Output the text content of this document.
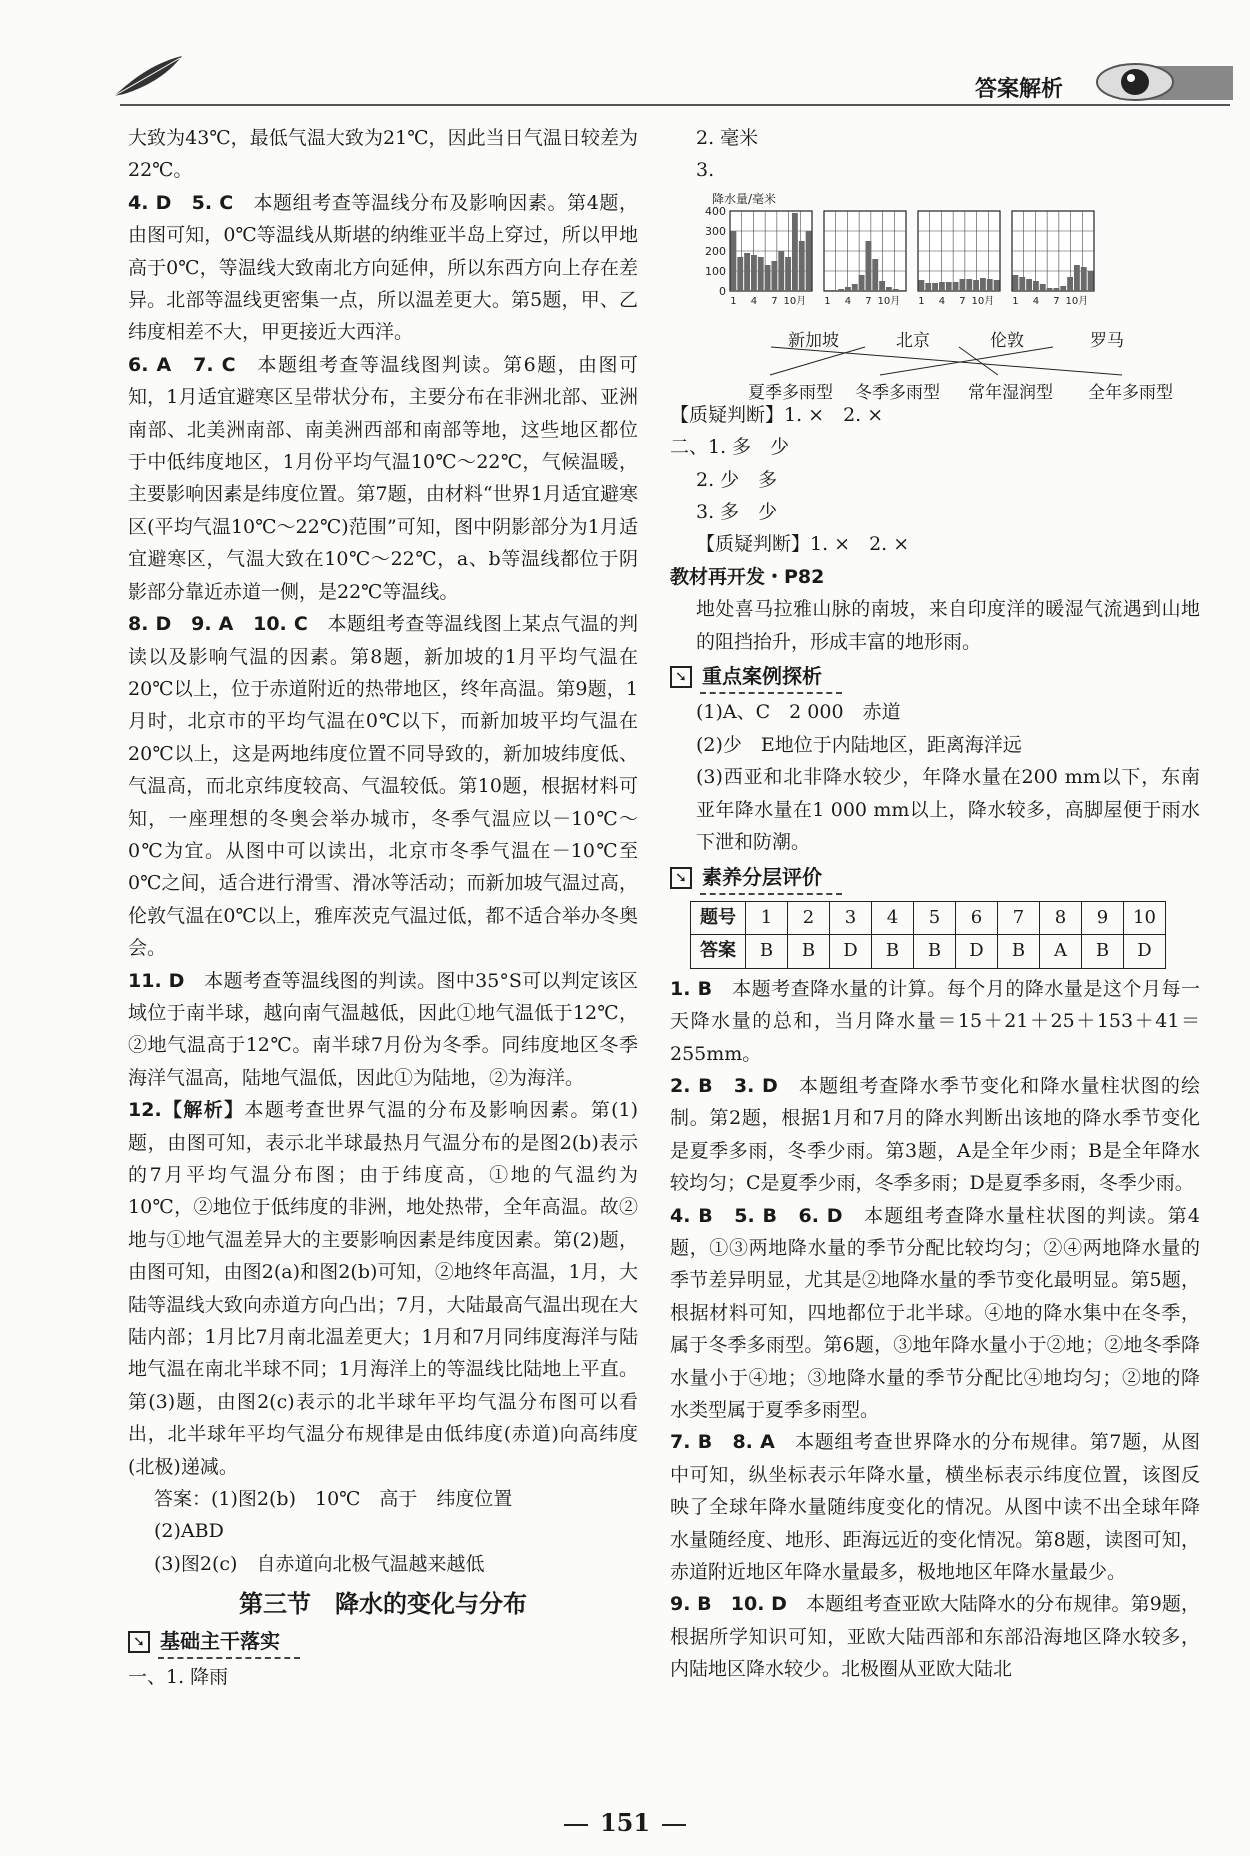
答案解析

大致为43℃，最低气温大致为21℃，因此当日气温日较差为22℃。

4. D　5. C　 本题组考查等温线分布及影响因素。第4题，由图可知，0℃等温线从斯堪的纳维亚半岛上穿过，所以甲地高于0℃，等温线大致南北方向延伸，所以东西方向上存在差异。北部等温线更密集一点，所以温差更大。第5题，甲、乙纬度相差不大，甲更接近大西洋。

6. A　7. C　 本题组考查等温线图判读。第6题，由图可知，1月适宜避寒区呈带状分布，主要分布在非洲北部、亚洲南部、北美洲南部、南美洲西部和南部等地，这些地区都位于中低纬度地区，1月份平均气温10℃～22℃，气候温暖，主要影响因素是纬度位置。第7题，由材料“世界1月适宜避寒区(平均气温10℃～22℃)范围”可知，图中阴影部分为1月适宜避寒区，气温大致在10℃～22℃，a、b等温线都位于阴影部分靠近赤道一侧，是22℃等温线。

8. D　9. A　10. C　 本题组考查等温线图上某点气温的判读以及影响气温的因素。第8题，新加坡的1月平均气温在20℃以上，位于赤道附近的热带地区，终年高温。第9题，1月时，北京市的平均气温在0℃以下，而新加坡平均气温在20℃以上，这是两地纬度位置不同导致的，新加坡纬度低、气温高，而北京纬度较高、气温较低。第10题，根据材料可知，一座理想的冬奥会举办城市，冬季气温应以－10℃～0℃为宜。从图中可以读出，北京市冬季气温在－10℃至0℃之间，适合进行滑雪、滑冰等活动；而新加坡气温过高，伦敦气温在0℃以上，雅库茨克气温过低，都不适合举办冬奥会。

11. D　 本题考查等温线图的判读。图中35°S可以判定该区域位于南半球，越向南气温越低，因此①地气温低于12℃，②地气温高于12℃。南半球7月份为冬季。同纬度地区冬季海洋气温高，陆地气温低，因此①为陆地，②为海洋。

12.【解析】本题考查世界气温的分布及影响因素。第(1)题，由图可知，表示北半球最热月气温分布的是图2(b)表示的7月平均气温分布图；由于纬度高，①地的气温约为10℃，②地位于低纬度的非洲，地处热带，全年高温。故②地与①地气温差异大的主要影响因素是纬度因素。第(2)题，由图可知，由图2(a)和图2(b)可知，②地终年高温，1月，大陆等温线大致向赤道方向凸出；7月，大陆最高气温出现在大陆内部；1月比7月南北温差更大；1月和7月同纬度海洋与陆地气温在南北半球不同；1月海洋上的等温线比陆地上平直。第(3)题，由图2(c)表示的北半球年平均气温分布图可以看出，北半球年平均气温分布规律是由低纬度(赤道)向高纬度(北极)递减。

答案：(1)图2(b)　10℃　高于　纬度位置

(2)ABD

(3)图2(c)　自赤道向北极气温越来越低

第三节　降水的变化与分布
➘ 基础主干落实

一、1. 降雨

2. 毫米

3.

降水量/毫米
0
100
200
300
400
1 4 7 10月 1 4 7 10月 1 4 7 10月 1 4 7 10月
新加坡	北京	伦敦	罗马
夏季多雨型 冬季多雨型 常年湿润型 全年多雨型

【质疑判断】1. ×　2. ×

二、1. 多　少

2. 少　多

3. 多　少

【质疑判断】1. ×　2. ×

教材再开发・P82

地处喜马拉雅山脉的南坡，来自印度洋的暖湿气流遇到山地的阻挡抬升，形成丰富的地形雨。

➘ 重点案例探析

(1)A、C　2 000　赤道

(2)少　E地位于内陆地区，距离海洋远

(3)西亚和北非降水较少，年降水量在200 mm以下，东南亚年降水量在1 000 mm以上，降水较多，高脚屋便于雨水下泄和防潮。

➘ 素养分层评价
题号	1	2	3	4	5	6	7	8	9	10
答案	B	B	D	B	B	D	B	A	B	D

1. B　 本题考查降水量的计算。每个月的降水量是这个月每一天降水量的总和，当月降水量＝15＋21＋25＋153＋41＝255mm。

2. B　3. D　 本题组考查降水季节变化和降水量柱状图的绘制。第2题，根据1月和7月的降水判断出该地的降水季节变化是夏季多雨，冬季少雨。第3题，A是全年少雨；B是全年降水较均匀；C是夏季少雨，冬季多雨；D是夏季多雨，冬季少雨。

4. B　5. B　6. D　 本题组考查降水量柱状图的判读。第4题，①③两地降水量的季节分配比较均匀；②④两地降水量的季节差异明显，尤其是②地降水量的季节变化最明显。第5题，根据材料可知，四地都位于北半球。④地的降水集中在冬季，属于冬季多雨型。第6题，③地年降水量小于②地；②地冬季降水量小于④地；③地降水量的季节分配比④地均匀；②地的降水类型属于夏季多雨型。

7. B　8. A　 本题组考查世界降水的分布规律。第7题，从图中可知，纵坐标表示年降水量，横坐标表示纬度位置，该图反映了全球年降水量随纬度变化的情况。从图中读不出全球年降水量随经度、地形、距海远近的变化情况。第8题，读图可知，赤道附近地区年降水量最多，极地地区年降水量最少。

9. B　10. D　 本题组考查亚欧大陆降水的分布规律。第9题，根据所学知识可知，亚欧大陆西部和东部沿海地区降水较多，内陆地区降水较少。北极圈从亚欧大陆北

151
